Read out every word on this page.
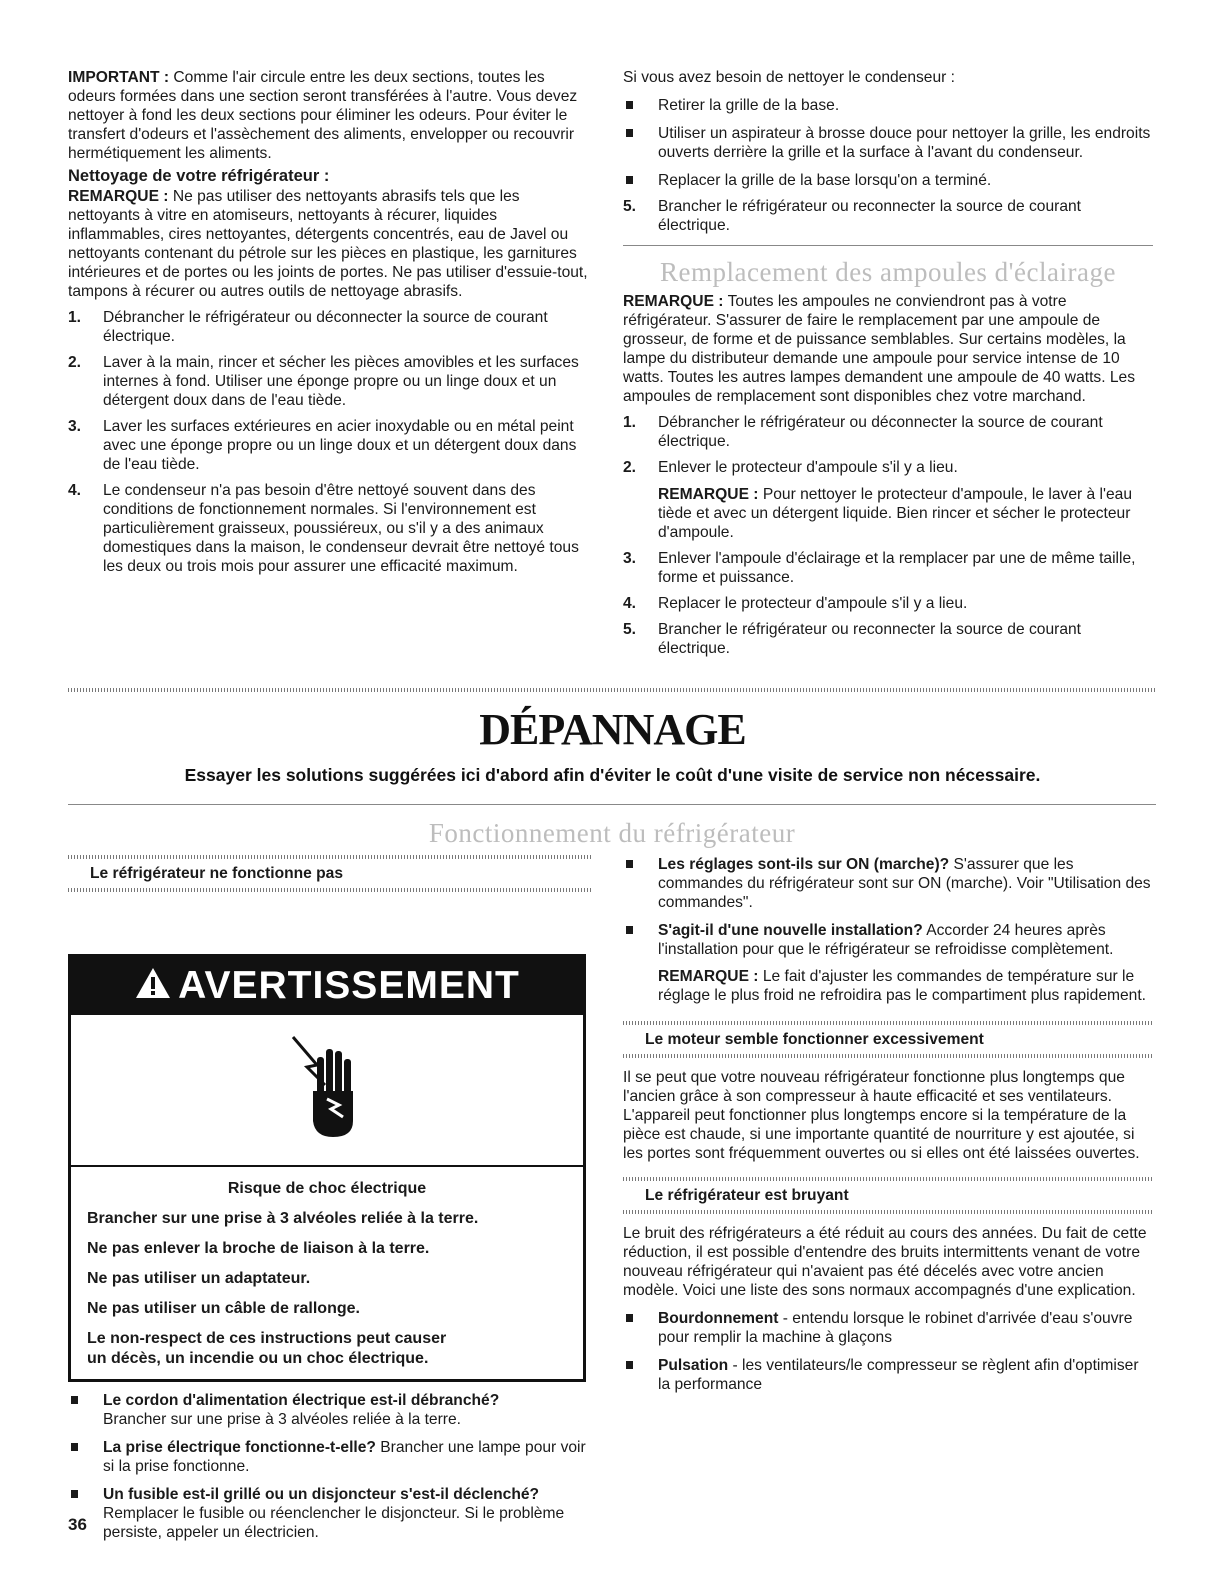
IMPORTANT : Comme l'air circule entre les deux sections, toutes les odeurs formées dans une section seront transférées à l'autre. Vous devez nettoyer à fond les deux sections pour éliminer les odeurs. Pour éviter le transfert d'odeurs et l'assèchement des aliments, envelopper ou recouvrir hermétiquement les aliments.

Nettoyage de votre réfrigérateur :

REMARQUE : Ne pas utiliser des nettoyants abrasifs tels que les nettoyants à vitre en atomiseurs, nettoyants à récurer, liquides inflammables, cires nettoyantes, détergents concentrés, eau de Javel ou nettoyants contenant du pétrole sur les pièces en plastique, les garnitures intérieures et de portes ou les joints de portes. Ne pas utiliser d'essuie-tout, tampons à récurer ou autres outils de nettoyage abrasifs.

1. Débrancher le réfrigérateur ou déconnecter la source de courant électrique.
2. Laver à la main, rincer et sécher les pièces amovibles et les surfaces internes à fond. Utiliser une éponge propre ou un linge doux et un détergent doux dans de l'eau tiède.
3. Laver les surfaces extérieures en acier inoxydable ou en métal peint avec une éponge propre ou un linge doux et un détergent doux dans de l'eau tiède.
4. Le condenseur n'a pas besoin d'être nettoyé souvent dans des conditions de fonctionnement normales. Si l'environnement est particulièrement graisseux, poussiéreux, ou s'il y a des animaux domestiques dans la maison, le condenseur devrait être nettoyé tous les deux ou trois mois pour assurer une efficacité maximum.

Si vous avez besoin de nettoyer le condenseur :

Retirer la grille de la base.
Utiliser un aspirateur à brosse douce pour nettoyer la grille, les endroits ouverts derrière la grille et la surface à l'avant du condenseur.
Replacer la grille de la base lorsqu'on a terminé.
5. Brancher le réfrigérateur ou reconnecter la source de courant électrique.
Remplacement des ampoules d'éclairage

REMARQUE : Toutes les ampoules ne conviendront pas à votre réfrigérateur. S'assurer de faire le remplacement par une ampoule de grosseur, de forme et de puissance semblables. Sur certains modèles, la lampe du distributeur demande une ampoule pour service intense de 10 watts. Toutes les autres lampes demandent une ampoule de 40 watts. Les ampoules de remplacement sont disponibles chez votre marchand.

1. Débrancher le réfrigérateur ou déconnecter la source de courant électrique.
2. Enlever le protecteur d'ampoule s'il y a lieu.

REMARQUE : Pour nettoyer le protecteur d'ampoule, le laver à l'eau tiède et avec un détergent liquide. Bien rincer et sécher le protecteur d'ampoule.

3. Enlever l'ampoule d'éclairage et la remplacer par une de même taille, forme et puissance.
4. Replacer le protecteur d'ampoule s'il y a lieu.
5. Brancher le réfrigérateur ou reconnecter la source de courant électrique.
DÉPANNAGE
Essayer les solutions suggérées ici d'abord afin d'éviter le coût d'une visite de service non nécessaire.
Fonctionnement du réfrigérateur
Le réfrigérateur ne fonctionne pas
AVERTISSEMENT

Risque de choc électrique

Brancher sur une prise à 3 alvéoles reliée à la terre.

Ne pas enlever la broche de liaison à la terre.

Ne pas utiliser un adaptateur.

Ne pas utiliser un câble de rallonge.

Le non-respect de ces instructions peut causer
un décès, un incendie ou un choc électrique.

Le cordon d'alimentation électrique est-il débranché?
Brancher sur une prise à 3 alvéoles reliée à la terre.
La prise électrique fonctionne-t-elle? Brancher une lampe pour voir si la prise fonctionne.
Un fusible est-il grillé ou un disjoncteur s'est-il déclenché? Remplacer le fusible ou réenclencher le disjoncteur. Si le problème persiste, appeler un électricien.
Les réglages sont-ils sur ON (marche)? S'assurer que les commandes du réfrigérateur sont sur ON (marche). Voir "Utilisation des commandes".
S'agit-il d'une nouvelle installation? Accorder 24 heures après l'installation pour que le réfrigérateur se refroidisse complètement.

REMARQUE : Le fait d'ajuster les commandes de température sur le réglage le plus froid ne refroidira pas le compartiment plus rapidement.

Le moteur semble fonctionner excessivement

Il se peut que votre nouveau réfrigérateur fonctionne plus longtemps que l'ancien grâce à son compresseur à haute efficacité et ses ventilateurs. L'appareil peut fonctionner plus longtemps encore si la température de la pièce est chaude, si une importante quantité de nourriture y est ajoutée, si les portes sont fréquemment ouvertes ou si elles ont été laissées ouvertes.

Le réfrigérateur est bruyant

Le bruit des réfrigérateurs a été réduit au cours des années. Du fait de cette réduction, il est possible d'entendre des bruits intermittents venant de votre nouveau réfrigérateur qui n'avaient pas été décelés avec votre ancien modèle. Voici une liste des sons normaux accompagnés d'une explication.

Bourdonnement - entendu lorsque le robinet d'arrivée d'eau s'ouvre pour remplir la machine à glaçons
Pulsation - les ventilateurs/le compresseur se règlent afin d'optimiser la performance
36
